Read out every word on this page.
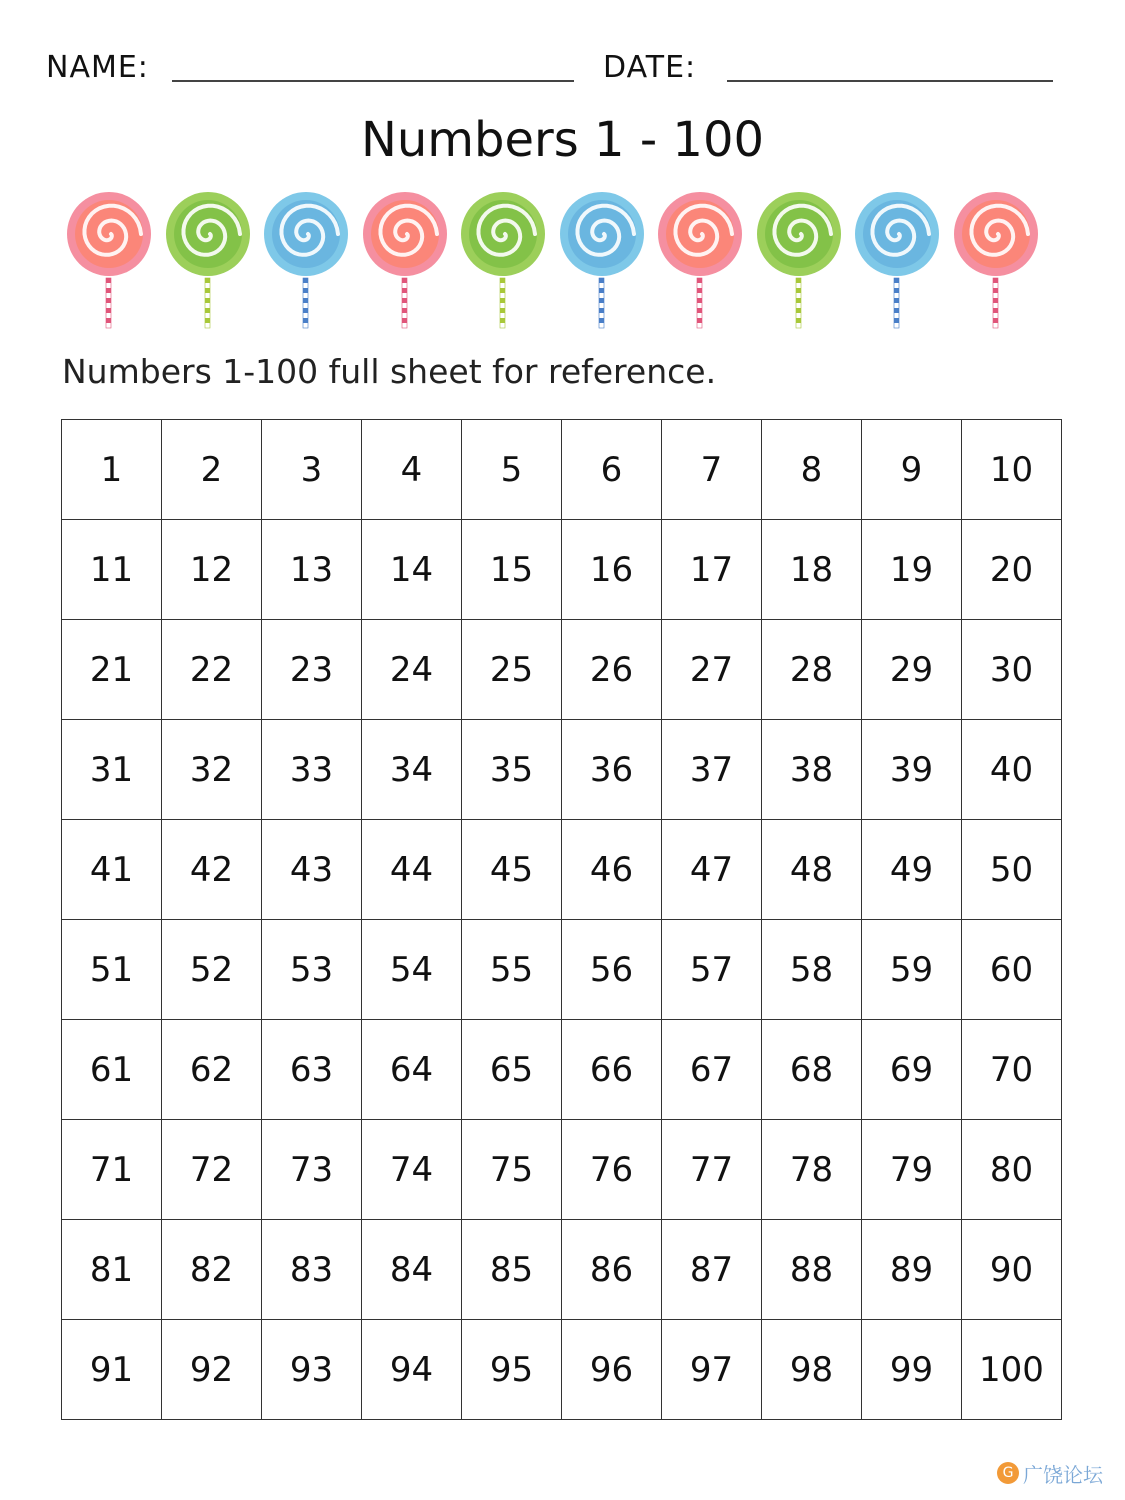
NAME:	DATE:
Numbers 1 - 100
Numbers 1-100 full sheet for reference.
1	2	3	4	5	6	7	8	9	10
11	12	13	14	15	16	17	18	19	20
21	22	23	24	25	26	27	28	29	30
31	32	33	34	35	36	37	38	39	40
41	42	43	44	45	46	47	48	49	50
51	52	53	54	55	56	57	58	59	60
61	62	63	64	65	66	67	68	69	70
71	72	73	74	75	76	77	78	79	80
81	82	83	84	85	86	87	88	89	90
91	92	93	94	95	96	97	98	99	100
G 广饶论坛
